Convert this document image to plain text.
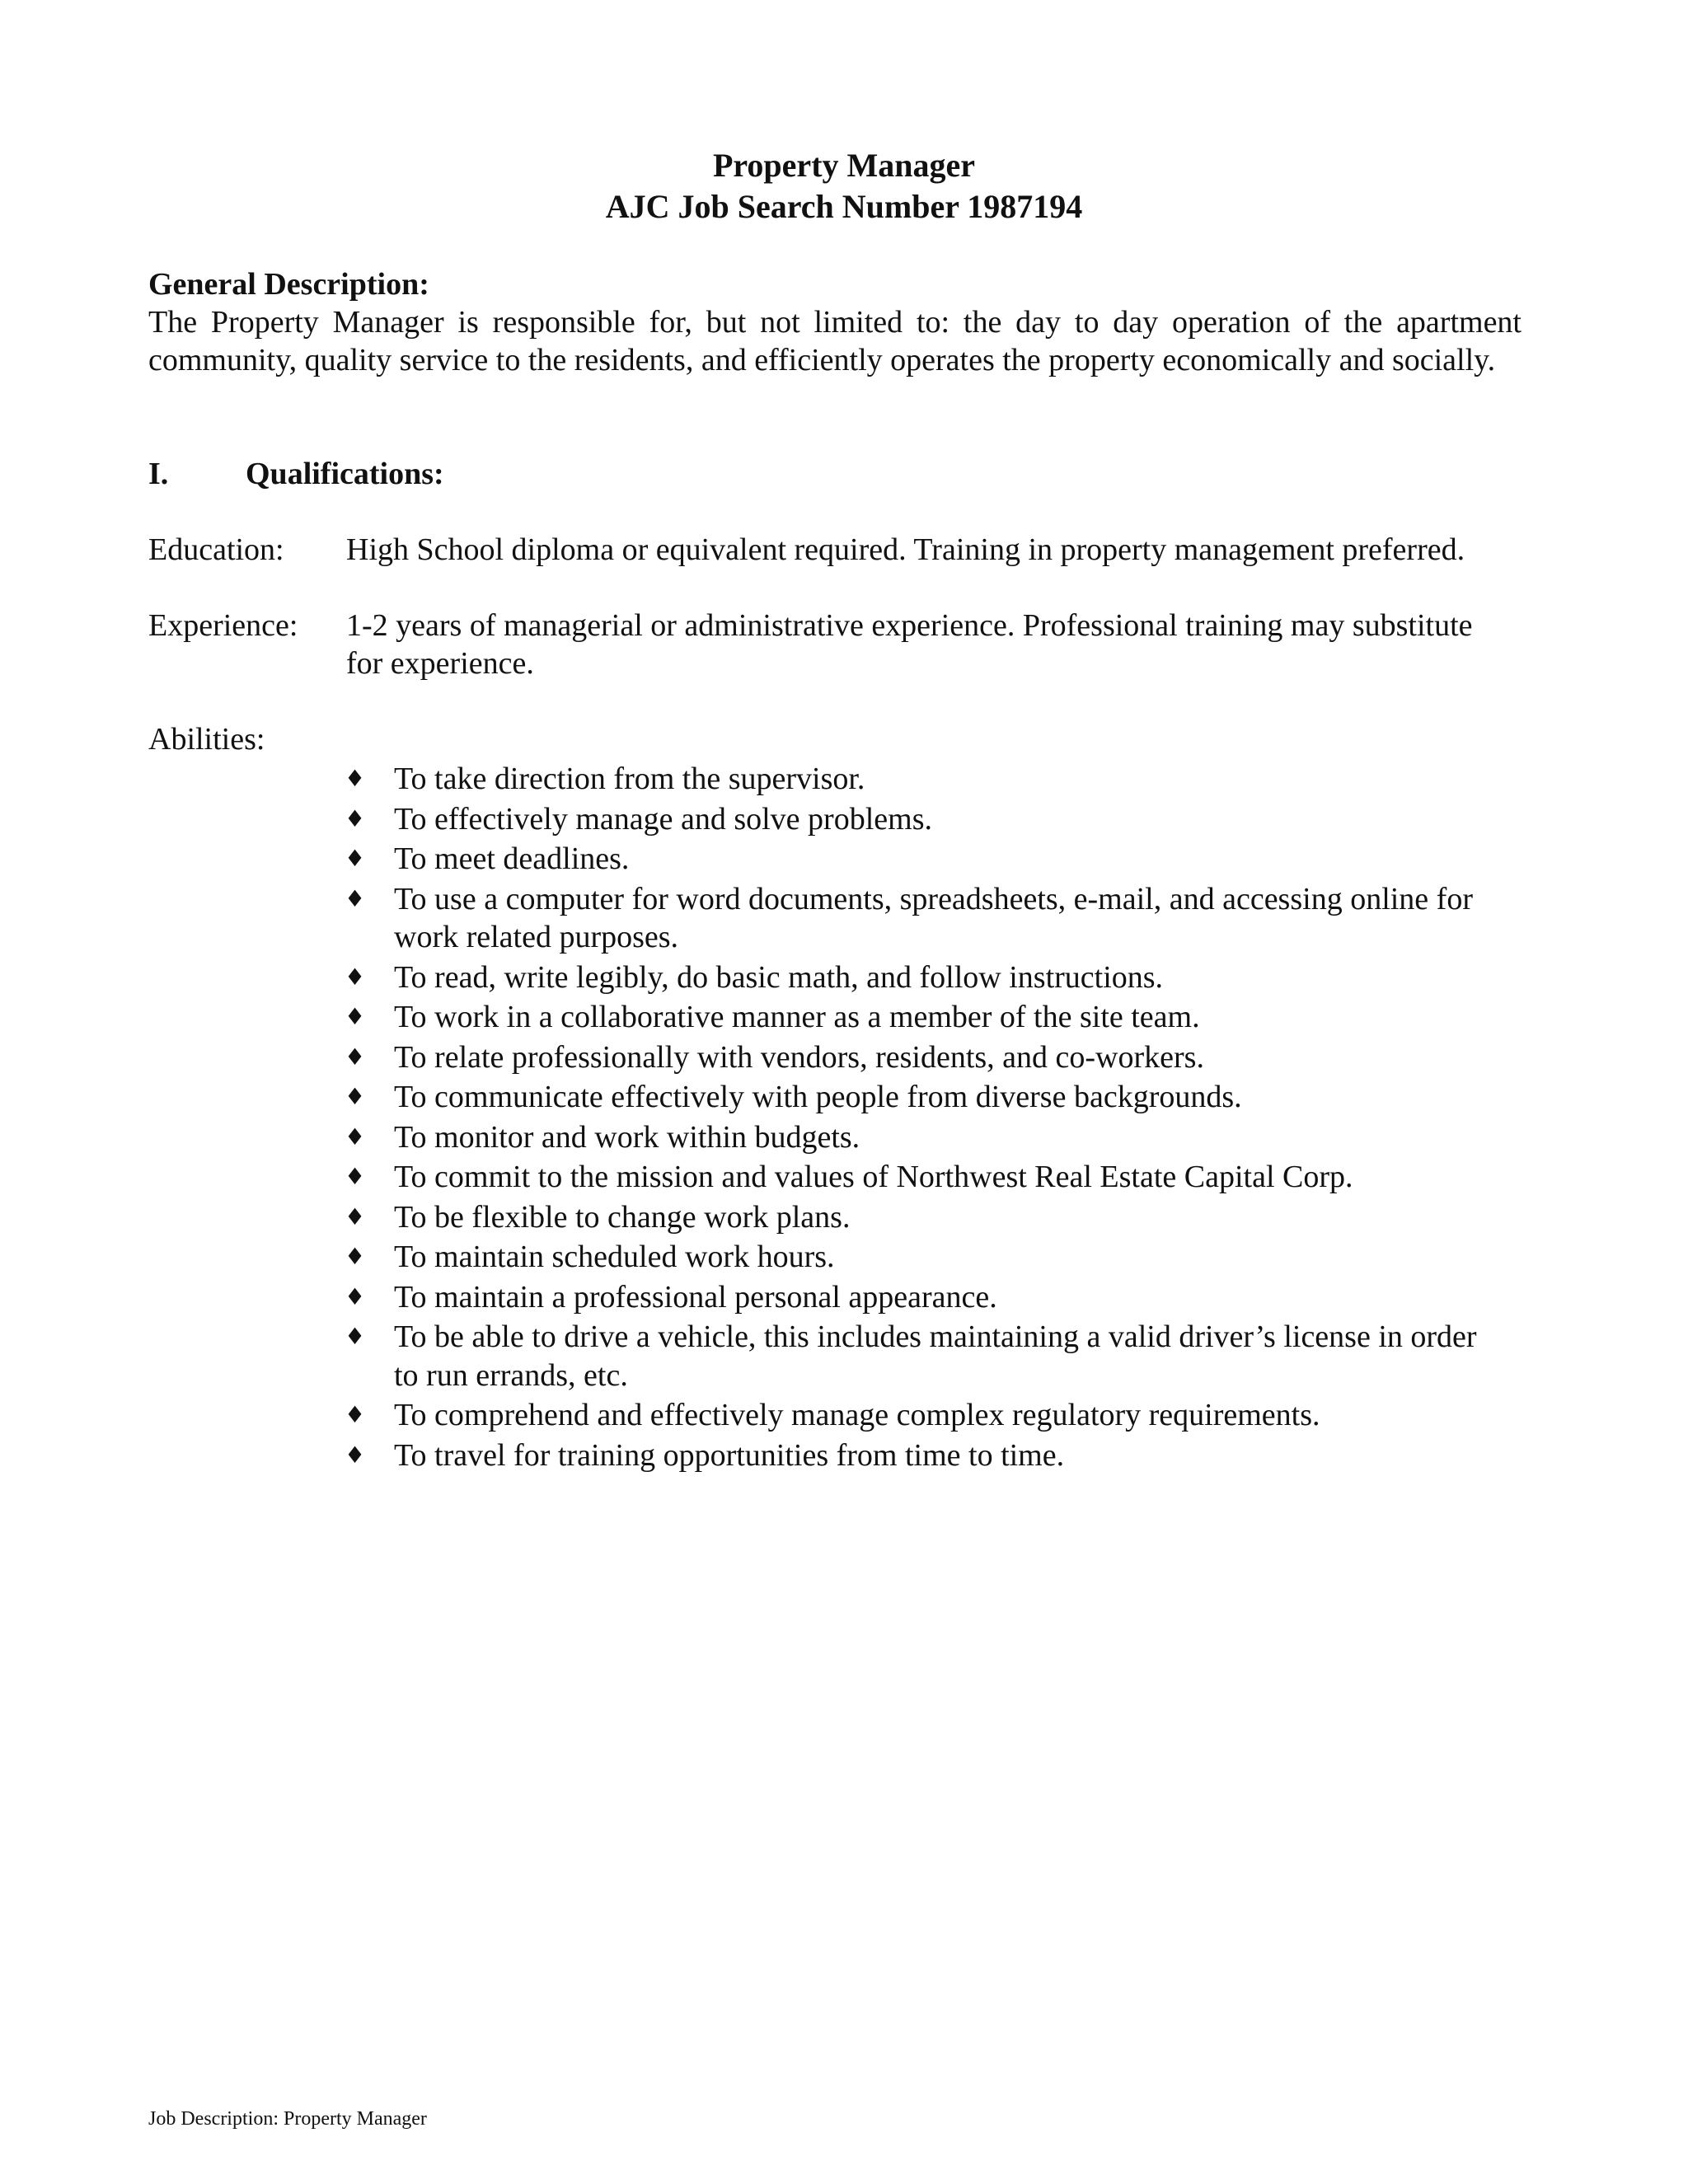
Property Manager
AJC Job Search Number 1987194
General Description:
The Property Manager is responsible for, but not limited to: the day to day operation of the apartment community, quality service to the residents, and efficiently operates the property economically and socially.
I. Qualifications:
Education: High School diploma or equivalent required. Training in property management preferred.
Experience: 1-2 years of managerial or administrative experience. Professional training may substitute for experience.
Abilities:
♦ To take direction from the supervisor.
♦ To effectively manage and solve problems.
♦ To meet deadlines.
♦ To use a computer for word documents, spreadsheets, e-mail, and accessing online for work related purposes.
♦ To read, write legibly, do basic math, and follow instructions.
♦ To work in a collaborative manner as a member of the site team.
♦ To relate professionally with vendors, residents, and co-workers.
♦ To communicate effectively with people from diverse backgrounds.
♦ To monitor and work within budgets.
♦ To commit to the mission and values of Northwest Real Estate Capital Corp.
♦ To be flexible to change work plans.
♦ To maintain scheduled work hours.
♦ To maintain a professional personal appearance.
♦ To be able to drive a vehicle, this includes maintaining a valid driver’s license in order to run errands, etc.
♦ To comprehend and effectively manage complex regulatory requirements.
♦ To travel for training opportunities from time to time.
Job Description: Property Manager
